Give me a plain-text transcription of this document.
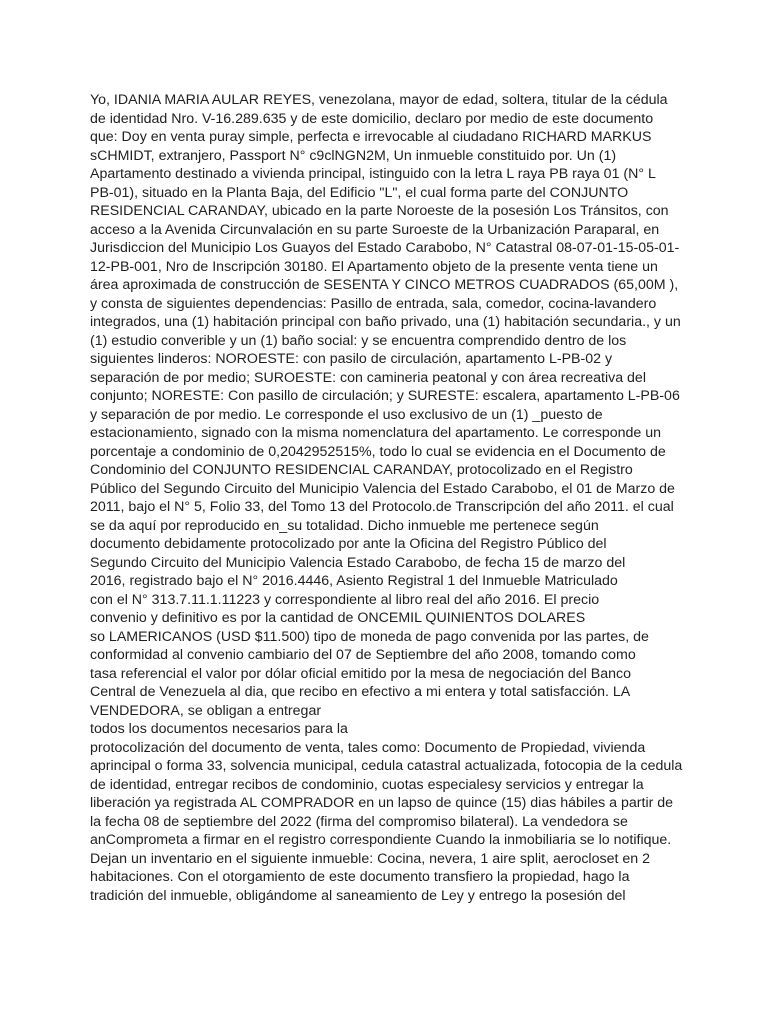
Yo, IDANIA MARIA AULAR REYES, venezolana, mayor de edad, soltera, titular de la cédula
de identidad Nro. V-16.289.635 y de este domicilio, declaro por medio de este documento
que: Doy en venta puray simple, perfecta e irrevocable al ciudadano RICHARD MARKUS
sCHMIDT, extranjero, Passport N° c9clNGN2M, Un inmueble constituido por. Un (1)
Apartamento destinado a vivienda principal, istinguido con la letra L raya PB raya 01 (N° L
PB-01), situado en la Planta Baja, del Edificio "L", el cual forma parte del CONJUNTO
RESIDENCIAL CARANDAY, ubicado en la parte Noroeste de la posesión Los Tránsitos, con
acceso a la Avenida Circunvalación en su parte Suroeste de la Urbanización Paraparal, en
Jurisdiccion del Municipio Los Guayos del Estado Carabobo, N° Catastral 08-07-01-15-05-01-
12-PB-001, Nro de Inscripción 30180. El Apartamento objeto de la presente venta tiene un
área aproximada de construcción de SESENTA Y CINCO METROS CUADRADOS (65,00M ),
y consta de siguientes dependencias: Pasillo de entrada, sala, comedor, cocina-lavandero
integrados, una (1) habitación principal con baño privado, una (1) habitación secundaria., y un
(1) estudio converible y un (1) baño social: y se encuentra comprendido dentro de los
siguientes linderos: NOROESTE: con pasilo de circulación, apartamento L-PB-02 y
separación de por medio; SUROESTE: con camineria peatonal y con área recreativa del
conjunto; NORESTE: Con pasillo de circulación; y SURESTE: escalera, apartamento L-PB-06
y separación de por medio. Le corresponde el uso exclusivo de un (1) _puesto de
estacionamiento, signado con la misma nomenclatura del apartamento. Le corresponde un
porcentaje a condominio de 0,2042952515%, todo lo cual se evidencia en el Documento de
Condominio del CONJUNTO RESIDENCIAL CARANDAY, protocolizado en el Registro
Público del Segundo Circuito del Municipio Valencia del Estado Carabobo, el 01 de Marzo de
2011, bajo el N° 5, Folio 33, del Tomo 13 del Protocolo.de Transcripción del año 2011. el cual
se da aquí por reproducido en_su totalidad. Dicho inmueble me pertenece según
documento debidamente protocolizado por ante la Oficina del Registro Público del
Segundo Circuito del Municipio Valencia Estado Carabobo, de fecha 15 de marzo del
2016, registrado bajo el N° 2016.4446, Asiento Registral 1 del Inmueble Matriculado
con el N° 313.7.11.1.11223 y correspondiente al libro real del año 2016. El precio
convenio y definitivo es por la cantidad de ONCEMIL QUINIENTOS DOLARES
so LAMERICANOS (USD $11.500) tipo de moneda de pago convenida por las partes, de
conformidad al convenio cambiario del 07 de Septiembre del año 2008, tomando como
tasa referencial el valor por dólar oficial emitido por la mesa de negociación del Banco
Central de Venezuela al dia, que recibo en efectivo a mi entera y total satisfacción. LA
VENDEDORA, se obligan a entregar
todos los documentos necesarios para la
protocolización del documento de venta, tales como: Documento de Propiedad, vivienda
aprincipal o forma 33, solvencia municipal, cedula catastral actualizada, fotocopia de la cedula
de identidad, entregar recibos de condominio, cuotas especialesy servicios y entregar la
liberación ya registrada AL COMPRADOR en un lapso de quince (15) dias hábiles a partir de
la fecha 08 de septiembre del 2022 (firma del compromiso bilateral). La vendedora se
anComprometa a firmar en el registro correspondiente Cuando la inmobiliaria se lo notifique.
Dejan un inventario en el siguiente inmueble: Cocina, nevera, 1 aire split, aerocloset en 2
habitaciones. Con el otorgamiento de este documento transfiero la propiedad, hago la
tradición del inmueble, obligándome al saneamiento de Ley y entrego la posesión del
